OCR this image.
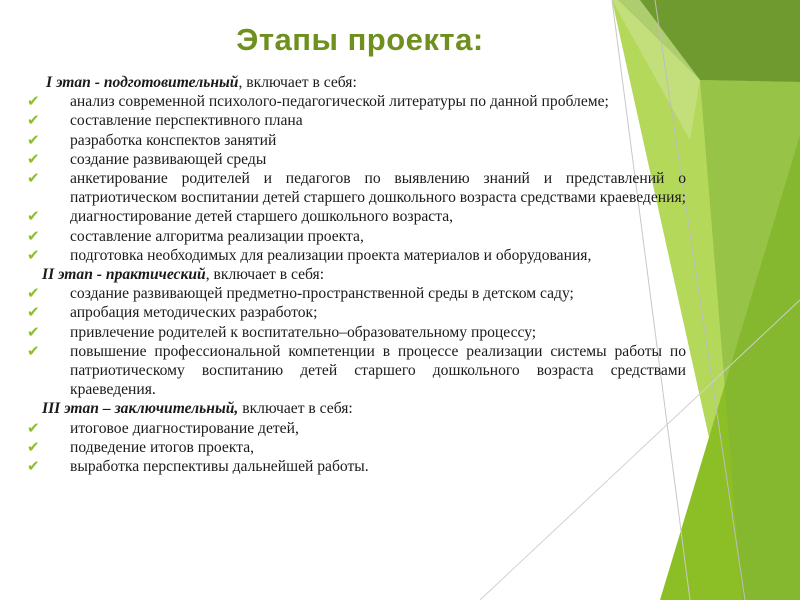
Этапы проекта:
I этап - подготовительный, включает в себя:
✔ анализ современной психолого-педагогической литературы по данной проблеме;
✔ составление перспективного плана
✔ разработка конспектов занятий
✔ создание развивающей среды
✔ анкетирование родителей и педагогов по выявлению знаний и представлений о патриотическом воспитании детей старшего дошкольного возраста средствами краеведения;
✔ диагностирование детей старшего дошкольного возраста,
✔ составление алгоритма реализации проекта,
✔ подготовка необходимых для реализации проекта материалов и оборудования,
II этап - практический, включает в себя:
✔ создание развивающей предметно-пространственной среды в детском саду;
✔ апробация методических разработок;
✔ привлечение родителей к воспитательно–образовательному процессу;
✔ повышение профессиональной компетенции в процессе реализации системы работы по патриотическому воспитанию детей старшего дошкольного возраста средствами краеведения.
III этап – заключительный, включает в себя:
✔ итоговое диагностирование детей,
✔ подведение итогов проекта,
✔ выработка перспективы дальнейшей работы.
